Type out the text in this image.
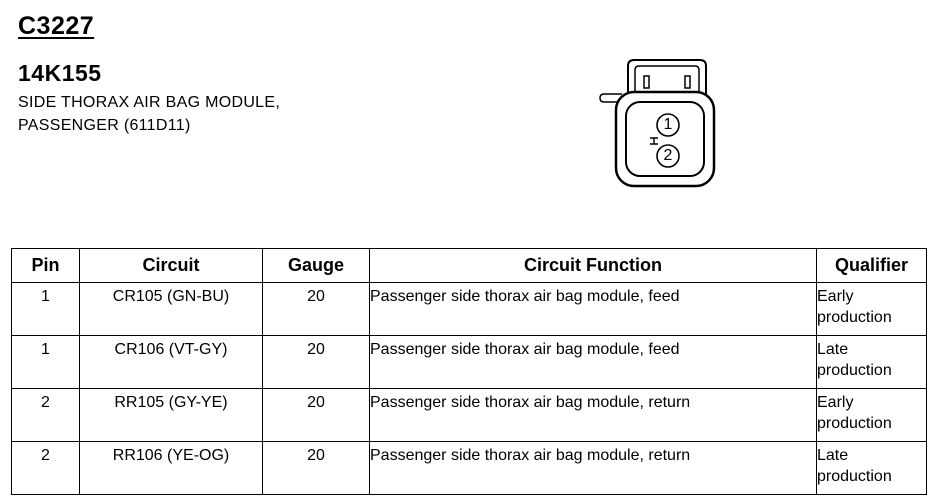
C3227
14K155
SIDE THORAX AIR BAG MODULE,
PASSENGER (611D11)	1
2
Pin	Circuit	Gauge	Circuit Function	Qualifier
1	CR105 (GN-BU)	20	Passenger side thorax air bag module, feed	Early
production

1	CR106 (VT-GY)	20	Passenger side thorax air bag module, feed	Late
production

2	RR105 (GY-YE)	20	Passenger side thorax air bag module, return	Early
production

2	RR106 (YE-OG)	20	Passenger side thorax air bag module, return	Late
production
